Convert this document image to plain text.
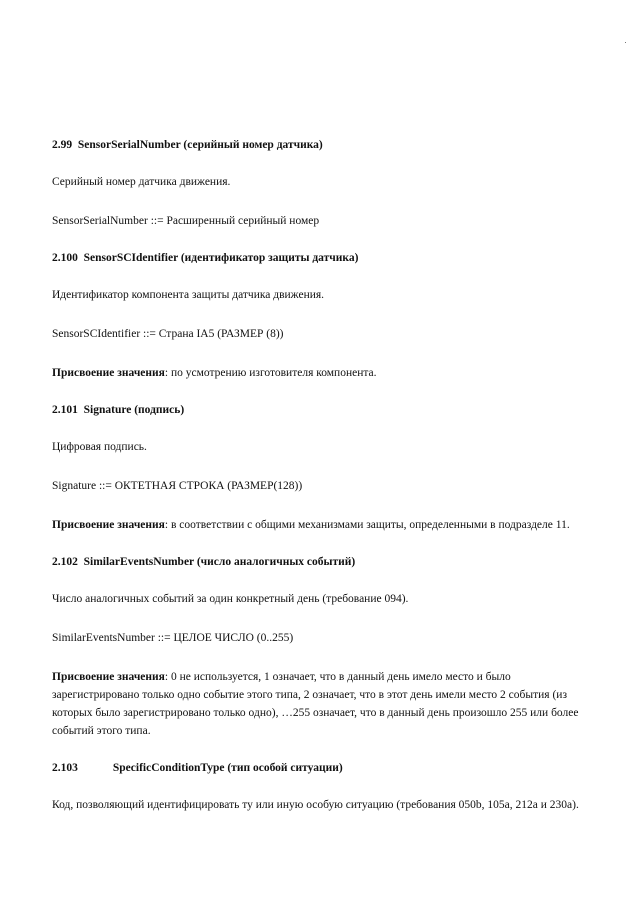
2.99 SensorSerialNumber (серийный номер датчика)

Серийный номер датчика движения.

SensorSerialNumber ::= Расширенный серийный номер

2.100 SensorSCIdentifier (идентификатор защиты датчика)

Идентификатор компонента защиты датчика движения.

SensorSCIdentifier ::= Страна IA5 (РАЗМЕР (8))

Присвоение значения: по усмотрению изготовителя компонента.

2.101 Signature (подпись)

Цифровая подпись.

Signature ::= ОКТЕТНАЯ СТРОКА (РАЗМЕР(128))

Присвоение значения: в соответствии с общими механизмами защиты, определенными в подразделе 11.

2.102 SimilarEventsNumber (число аналогичных событий)

Число аналогичных событий за один конкретный день (требование 094).

SimilarEventsNumber ::= ЦЕЛОЕ ЧИСЛО (0..255)

Присвоение значения: 0 не используется, 1 означает, что в данный день имело место и было зарегистрировано только одно событие этого типа, 2 означает, что в этот день имели место 2 события (из которых было зарегистрировано только одно), …255 означает, что в данный день произошло 255 или более событий этого типа.

2.103	SpecificConditionType (тип особой ситуации)

Код, позволяющий идентифицировать ту или иную особую ситуацию (требования 050b, 105a, 212a и 230a).
